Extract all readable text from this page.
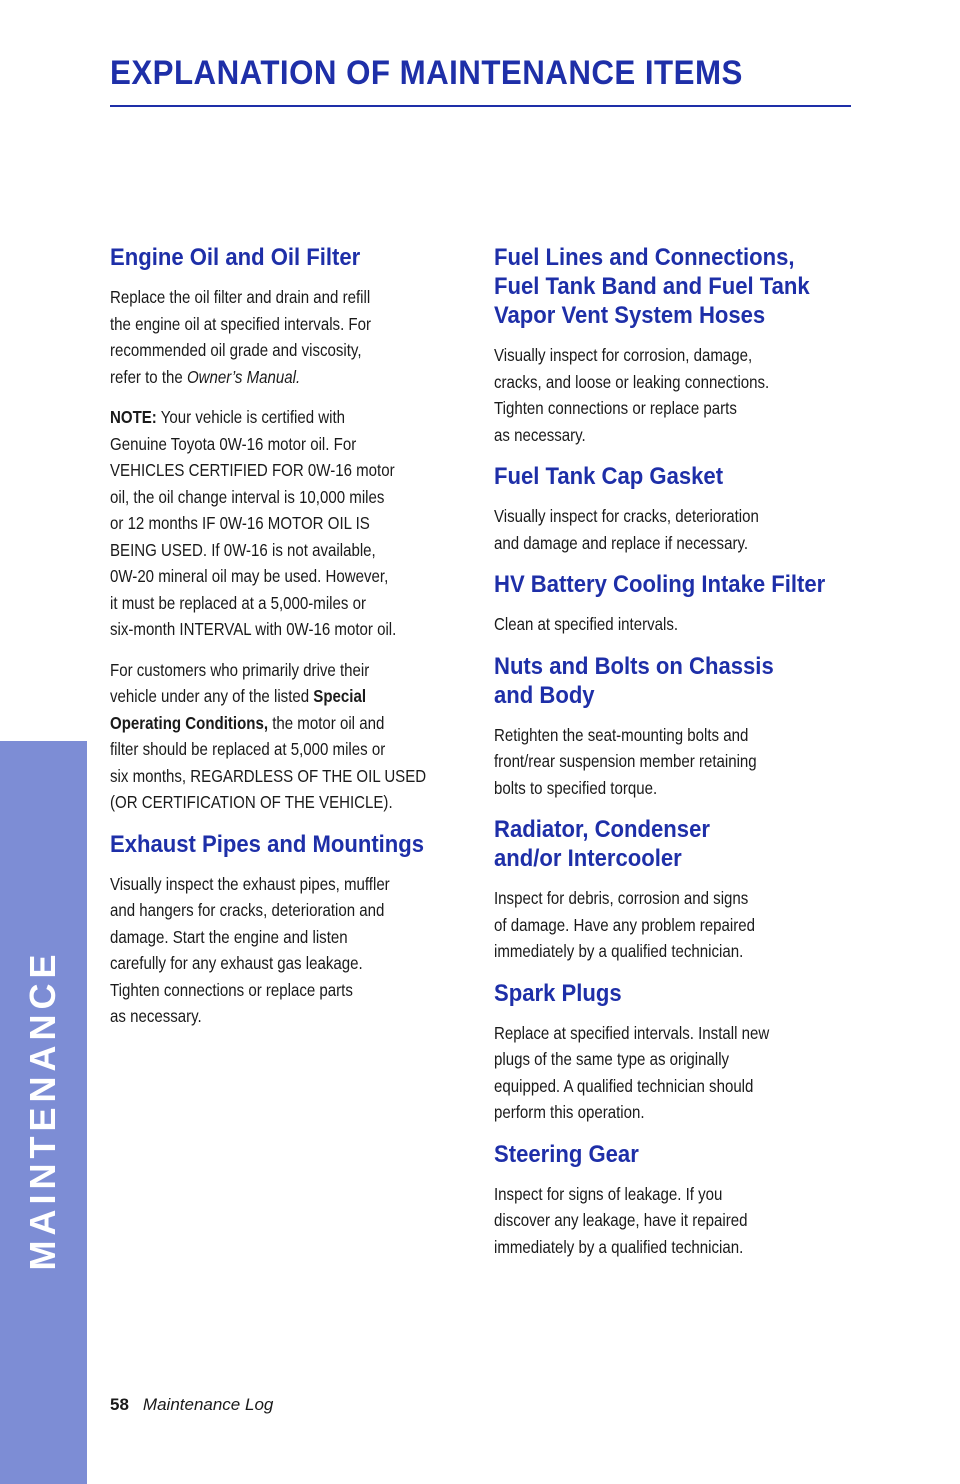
EXPLANATION OF MAINTENANCE ITEMS
MAINTENANCE
Engine Oil and Oil Filter

Replace the oil filter and drain and refill
the engine oil at specified intervals. For
recommended oil grade and viscosity,
refer to the Owner’s Manual.

NOTE: Your vehicle is certified with
Genuine Toyota 0W-16 motor oil. For
VEHICLES CERTIFIED FOR 0W-16 motor
oil, the oil change interval is 10,000 miles
or 12 months IF 0W-16 MOTOR OIL IS
BEING USED. If 0W-16 is not available,
0W-20 mineral oil may be used. However,
it must be replaced at a 5,000-miles or
six-month INTERVAL with 0W-16 motor oil.

For customers who primarily drive their
vehicle under any of the listed Special
Operating Conditions, the motor oil and
filter should be replaced at 5,000 miles or
six months, REGARDLESS OF THE OIL USED
(OR CERTIFICATION OF THE VEHICLE).

Exhaust Pipes and Mountings

Visually inspect the exhaust pipes, muffler
and hangers for cracks, deterioration and
damage. Start the engine and listen
carefully for any exhaust gas leakage.
Tighten connections or replace parts
as necessary.

Fuel Lines and Connections,
Fuel Tank Band and Fuel Tank
Vapor Vent System Hoses

Visually inspect for corrosion, damage,
cracks, and loose or leaking connections.
Tighten connections or replace parts
as necessary.

Fuel Tank Cap Gasket

Visually inspect for cracks, deterioration
and damage and replace if necessary.

HV Battery Cooling Intake Filter

Clean at specified intervals.

Nuts and Bolts on Chassis
and Body

Retighten the seat-mounting bolts and
front/rear suspension member retaining
bolts to specified torque.

Radiator, Condenser
and/or Intercooler

Inspect for debris, corrosion and signs
of damage. Have any problem repaired
immediately by a qualified technician.

Spark Plugs

Replace at specified intervals. Install new
plugs of the same type as originally
equipped. A qualified technician should
perform this operation.

Steering Gear

Inspect for signs of leakage. If you
discover any leakage, have it repaired
immediately by a qualified technician.

58 Maintenance Log
